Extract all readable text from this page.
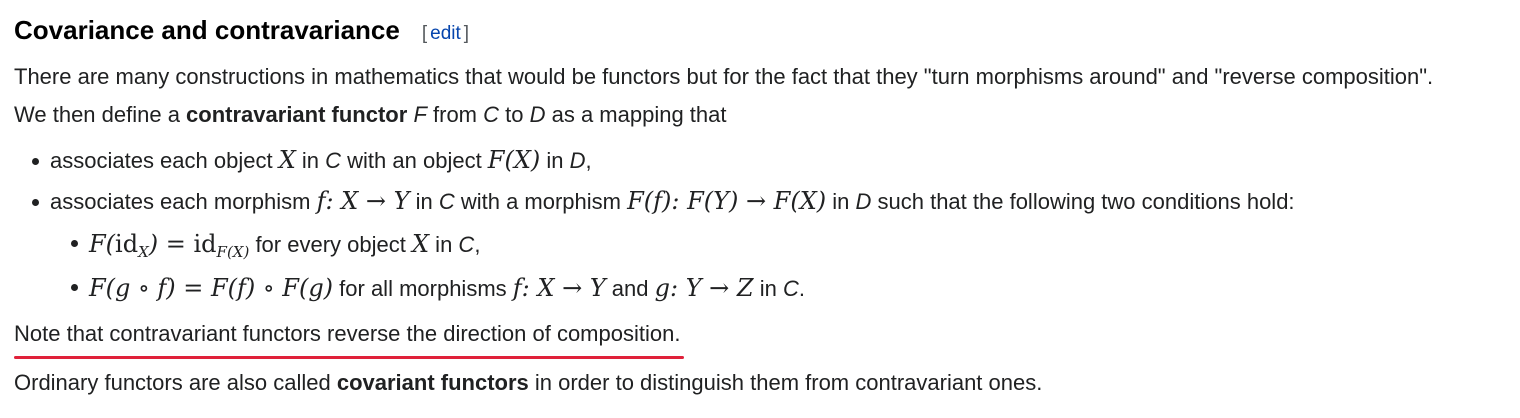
Covariance and contravariance [ edit ]

There are many constructions in mathematics that would be functors but for the fact that they "turn morphisms around" and "reverse composition".
We then define a contravariant functor F from C to D as a mapping that

associates each object X in C with an object F(X) in D,
associates each morphism f: X → Y in C with a morphism F(f): F(Y) → F(X) in D such that the following two conditions hold:
$F(id_X) = id_{F(X)}$ for every object X in C,
F(g ∘ f) = F(f) ∘ F(g) for all morphisms f: X → Y and g: Y → Z in C.

Note that contravariant functors reverse the direction of composition.

Ordinary functors are also called covariant functors in order to distinguish them from contravariant ones.
